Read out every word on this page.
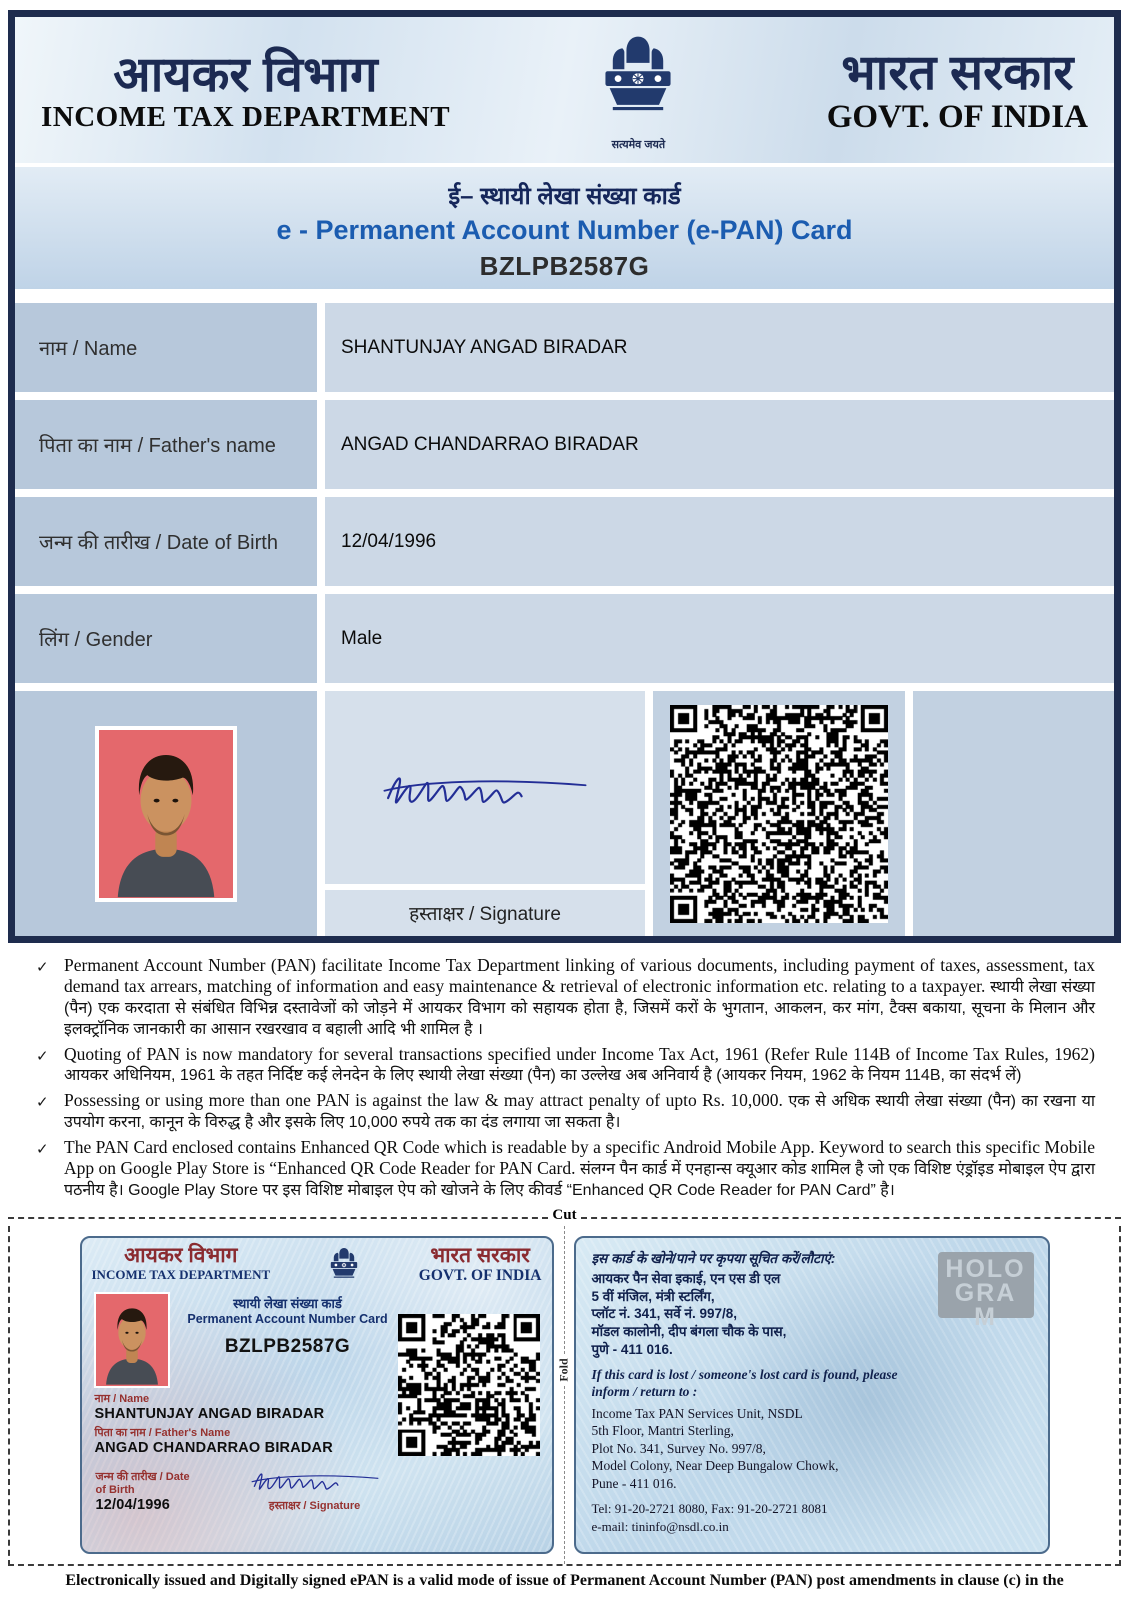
आयकर विभाग
INCOME TAX DEPARTMENT
सत्यमेव जयते
भारत सरकार
GOVT. OF INDIA
ई– स्थायी लेखा संख्या कार्ड
e - Permanent Account Number (e-PAN) Card
BZLPB2587G
नाम / Name	SHANTUNJAY ANGAD BIRADAR
पिता का नाम / Father's name	ANGAD CHANDARRAO BIRADAR
जन्म की तारीख / Date of Birth	12/04/1996
लिंग / Gender	Male
हस्ताक्षर / Signature
✓ Permanent Account Number (PAN) facilitate Income Tax Department linking of various documents, including payment of taxes, assessment, tax demand tax arrears, matching of information and easy maintenance & retrieval of electronic information etc. relating to a taxpayer. स्थायी लेखा संख्या (पैन) एक करदाता से संबंधित विभिन्न दस्तावेजों को जोड़ने में आयकर विभाग को सहायक होता है, जिसमें करों के भुगतान, आकलन, कर मांग, टैक्स बकाया, सूचना के मिलान और इलक्ट्रॉनिक जानकारी का आसान रखरखाव व बहाली आदि भी शामिल है ।
✓ Quoting of PAN is now mandatory for several transactions specified under Income Tax Act, 1961 (Refer Rule 114B of Income Tax Rules, 1962) आयकर अधिनियम, 1961 के तहत निर्दिष्ट कई लेनदेन के लिए स्थायी लेखा संख्या (पैन) का उल्लेख अब अनिवार्य है (आयकर नियम, 1962 के नियम 114B, का संदर्भ लें)
✓ Possessing or using more than one PAN is against the law & may attract penalty of upto Rs. 10,000. एक से अधिक स्थायी लेखा संख्या (पैन) का रखना या उपयोग करना, कानून के विरुद्ध है और इसके लिए 10,000 रुपये तक का दंड लगाया जा सकता है।
✓ The PAN Card enclosed contains Enhanced QR Code which is readable by a specific Android Mobile App. Keyword to search this specific Mobile App on Google Play Store is “Enhanced QR Code Reader for PAN Card. संलग्न पैन कार्ड में एनहान्स क्यूआर कोड शामिल है जो एक विशिष्ट एंड्रॉइड मोबाइल ऐप द्वारा पठनीय है। Google Play Store पर इस विशिष्ट मोबाइल ऐप को खोजने के लिए कीवर्ड “Enhanced QR Code Reader for PAN Card” है।
Cut
आयकर विभाग
INCOME TAX DEPARTMENT
भारत सरकार
GOVT. OF INDIA
स्थायी लेखा संख्या कार्ड
Permanent Account Number Card
BZLPB2587G
नाम / Name
SHANTUNJAY ANGAD BIRADAR
पिता का नाम / Father's Name
ANGAD CHANDARRAO BIRADAR
जन्म की तारीख / Date of Birth
12/04/1996	हस्ताक्षर / Signature
Fold
HOLOGRAM
इस कार्ड के खोने/पाने पर कृपया सूचित करें/लौटाएं:
आयकर पैन सेवा इकाई, एन एस डी एल
5 वीं मंजिल, मंत्री स्टर्लिंग,
प्लॉट नं. 341, सर्वे नं. 997/8,
मॉडल कालोनी, दीप बंगला चौक के पास,
पुणे - 411 016.
If this card is lost / someone's lost card is found, please inform / return to :
Income Tax PAN Services Unit, NSDL
5th Floor, Mantri Sterling,
Plot No. 341, Survey No. 997/8,
Model Colony, Near Deep Bungalow Chowk,
Pune - 411 016.
Tel: 91-20-2721 8080, Fax: 91-20-2721 8081
e-mail: tininfo@nsdl.co.in
Electronically issued and Digitally signed ePAN is a valid mode of issue of Permanent Account Number (PAN) post amendments in clause (c) in the
